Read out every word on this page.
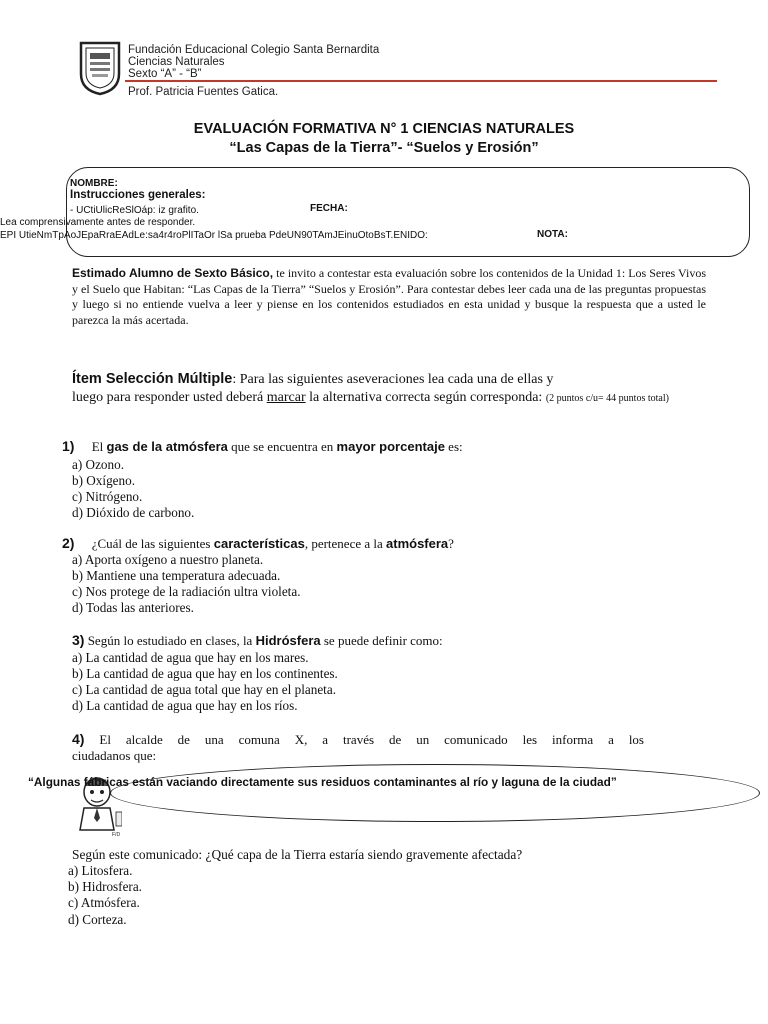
Fundación Educacional Colegio Santa Bernardita
Ciencias Naturales
Sexto “A” - “B”
Prof. Patricia Fuentes Gatica.
EVALUACIÓN FORMATIVA N° 1 CIENCIAS NATURALES
“Las Capas de la Tierra”- “Suelos y Erosión”
NOMBRE:
Instrucciones generales:
- UCtiUlicReSlOáp: iz grafito.	FECHA:
Lea comprensivamente antes de responder.
EPI UtieNmTpAoJEpaRraEAdLe:sa4r4roPlITaOr lSa prueba PdeUN90TAmJEinuOtoBsT.ENIDO:	NOTA:
Estimado Alumno de Sexto Básico, te invito a contestar esta evaluación sobre los contenidos de la Unidad 1: Los Seres Vivos y el Suelo que Habitan: “Las Capas de la Tierra” “Suelos y Erosión”. Para contestar debes leer cada una de las preguntas propuestas y luego si no entiende vuelva a leer y piense en los contenidos estudiados en esta unidad y busque la respuesta que a usted le parezca la más acertada.
Ítem Selección Múltiple: Para las siguientes aseveraciones lea cada una de ellas y
luego para responder usted deberá marcar la alternativa correcta según corresponda: (2 puntos c/u= 44 puntos total)
1) El gas de la atmósfera que se encuentra en mayor porcentaje es:
a) Ozono.
b) Oxígeno.
c) Nitrógeno.
d) Dióxido de carbono.
2) ¿Cuál de las siguientes características, pertenece a la atmósfera?
a) Aporta oxígeno a nuestro planeta.
b) Mantiene una temperatura adecuada.
c) Nos protege de la radiación ultra violeta.
d) Todas las anteriores.
3) Según lo estudiado en clases, la Hidrósfera se puede definir como:
a) La cantidad de agua que hay en los mares.
b) La cantidad de agua que hay en los continentes.
c) La cantidad de agua total que hay en el planeta.
d) La cantidad de agua que hay en los ríos.
4) El alcalde de una comuna X, a través de un comunicado les informa a los
ciudadanos que:
F/D
“Algunas fábricas están vaciando directamente sus residuos contaminantes al río y laguna de la ciudad”
Según este comunicado: ¿Qué capa de la Tierra estaría siendo gravemente afectada?
a) Litosfera.
b) Hidrosfera.
c) Atmósfera.
d) Corteza.
